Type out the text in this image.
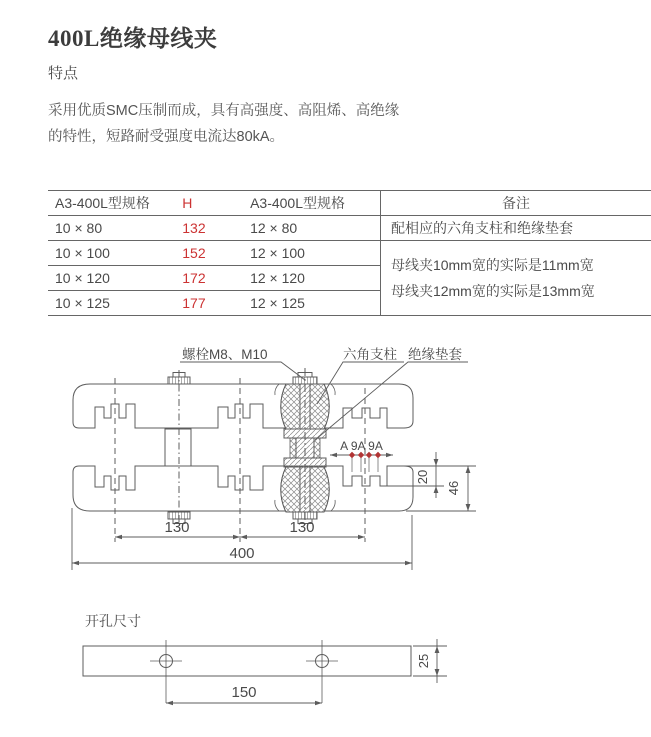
400L绝缘母线夹
特点

采用优质SMC压制而成，具有高强度、高阻烯、高绝缘
的特性，短路耐受强度电流达80kA。

A3-400L型规格	H	A3-400L型规格	备注
10 × 80	132	12 × 80	配相应的六角支柱和绝缘垫套
10 × 100	152	12 × 100	母线夹10mm宽的实际是11mm宽
母线夹12mm宽的实际是13mm宽

10 × 120	172	12 × 120	
10 × 125	177	12 × 125	
螺栓M8、M10	六角支柱 绝缘垫套
A 9A 9A
20
46
130	130
400
150
25
开孔尺寸
